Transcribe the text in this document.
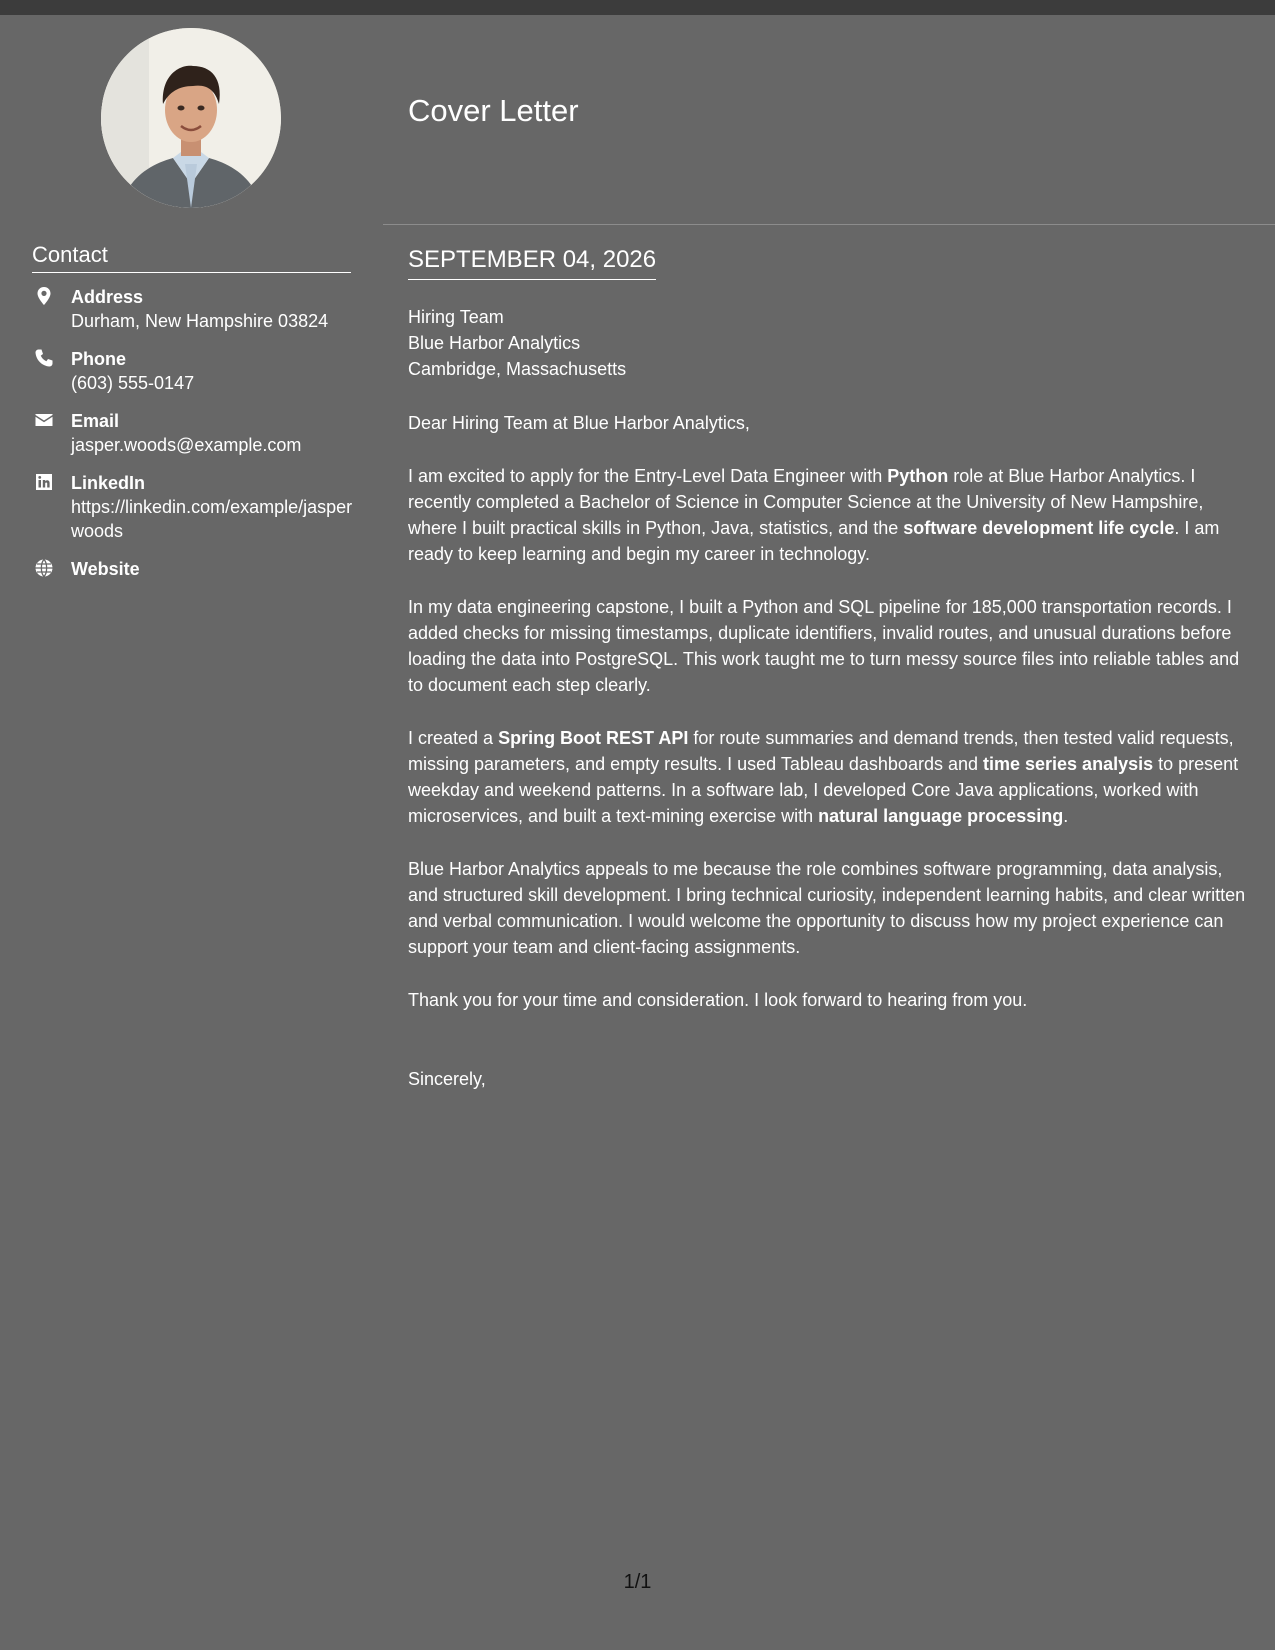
Contact
Address
Durham, New Hampshire 03824
Phone
(603) 555-0147
Email
jasper.woods@example.com
LinkedIn
https://linkedin.com/example/jasperwoods
Website
Cover Letter
SEPTEMBER 04, 2026
Hiring Team
Blue Harbor Analytics
Cambridge, Massachusetts

Dear Hiring Team at Blue Harbor Analytics,

I am excited to apply for the Entry-Level Data Engineer with Python role at Blue Harbor Analytics. I recently completed a Bachelor of Science in Computer Science at the University of New Hampshire, where I built practical skills in Python, Java, statistics, and the software development life cycle. I am ready to keep learning and begin my career in technology.

In my data engineering capstone, I built a Python and SQL pipeline for 185,000 transportation records. I added checks for missing timestamps, duplicate identifiers, invalid routes, and unusual durations before loading the data into PostgreSQL. This work taught me to turn messy source files into reliable tables and to document each step clearly.

I created a Spring Boot REST API for route summaries and demand trends, then tested valid requests, missing parameters, and empty results. I used Tableau dashboards and time series analysis to present weekday and weekend patterns. In a software lab, I developed Core Java applications, worked with microservices, and built a text-mining exercise with natural language processing.

Blue Harbor Analytics appeals to me because the role combines software programming, data analysis, and structured skill development. I bring technical curiosity, independent learning habits, and clear written and verbal communication. I would welcome the opportunity to discuss how my project experience can support your team and client-facing assignments.

Thank you for your time and consideration. I look forward to hearing from you.

Sincerely,

1/1
